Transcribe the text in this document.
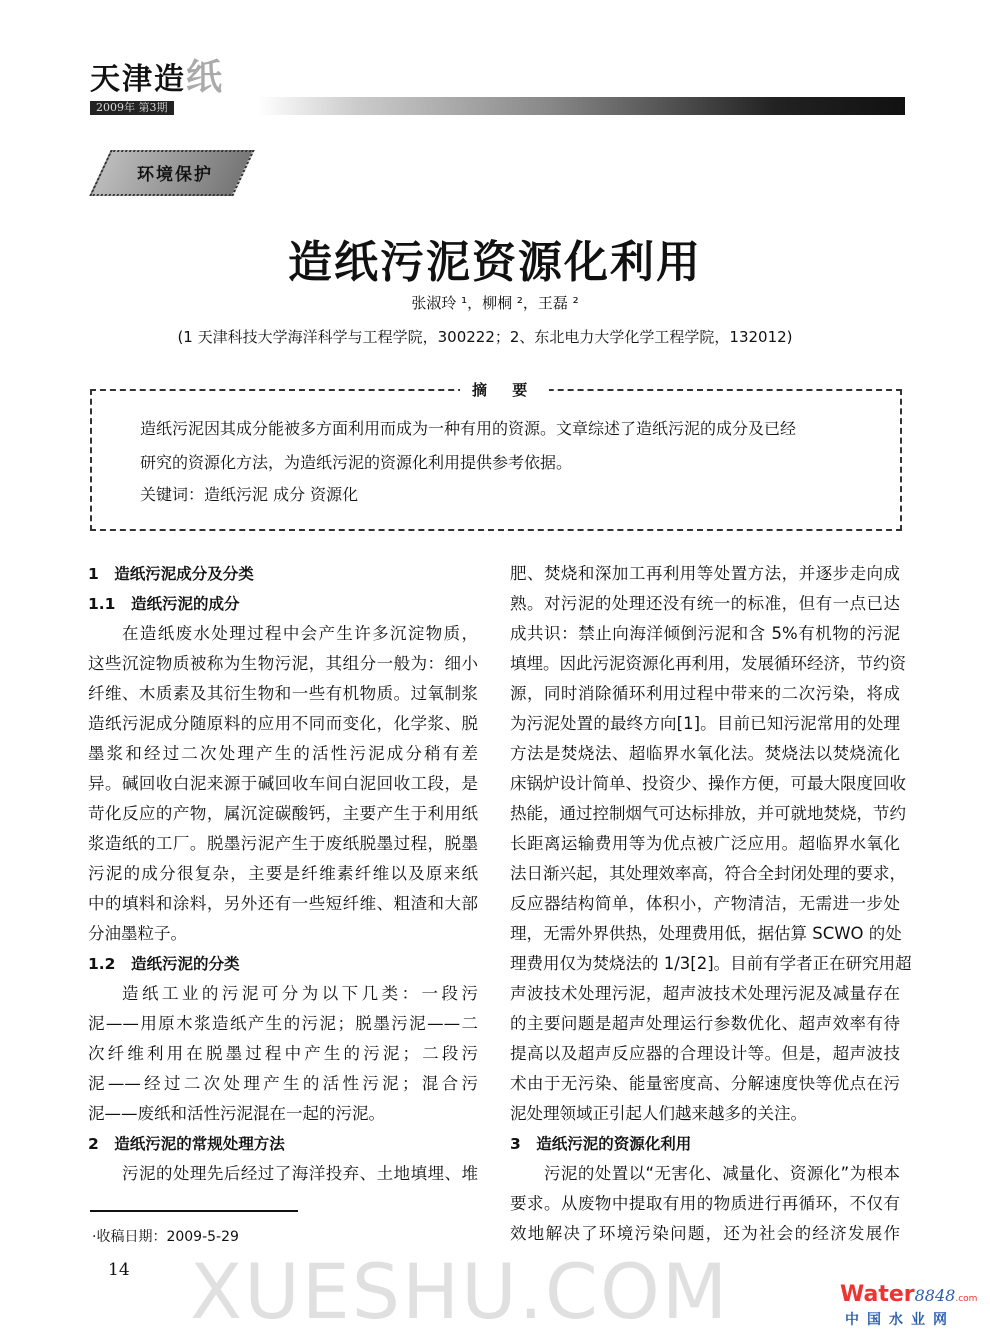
XUESHU.COM
天津造纸
2009年 第3期
环境保护
造纸污泥资源化利用
张淑玲 ¹，柳桐 ²，王磊 ²
(1 天津科技大学海洋科学与工程学院，300222；2、东北电力大学化学工程学院，132012)
摘 要
造纸污泥因其成分能被多方面利用而成为一种有用的资源。文章综述了造纸污泥的成分及已经
研究的资源化方法，为造纸污泥的资源化利用提供参考依据。
关键词：造纸污泥 成分 资源化
1　造纸污泥成分及分类
1.1　造纸污泥的成分
在造纸废水处理过程中会产生许多沉淀物质，
这些沉淀物质被称为生物污泥，其组分一般为：细小
纤维、木质素及其衍生物和一些有机物质。过氧制浆
造纸污泥成分随原料的应用不同而变化，化学浆、脱
墨浆和经过二次处理产生的活性污泥成分稍有差
异。碱回收白泥来源于碱回收车间白泥回收工段，是
苛化反应的产物，属沉淀碳酸钙，主要产生于利用纸
浆造纸的工厂。脱墨污泥产生于废纸脱墨过程，脱墨
污泥的成分很复杂，主要是纤维素纤维以及原来纸
中的填料和涂料，另外还有一些短纤维、粗渣和大部
分油墨粒子。
1.2　造纸污泥的分类
造纸工业的污泥可分为以下几类：一段污
泥——用原木浆造纸产生的污泥；脱墨污泥——二
次纤维利用在脱墨过程中产生的污泥；二段污
泥——经过二次处理产生的活性污泥；混合污
泥——废纸和活性污泥混在一起的污泥。
2　造纸污泥的常规处理方法
污泥的处理先后经过了海洋投弃、土地填埋、堆
肥、焚烧和深加工再利用等处置方法，并逐步走向成
熟。对污泥的处理还没有统一的标准，但有一点已达
成共识：禁止向海洋倾倒污泥和含 5%有机物的污泥
填埋。因此污泥资源化再利用，发展循环经济，节约资
源，同时消除循环利用过程中带来的二次污染，将成
为污泥处置的最终方向[1]。目前已知污泥常用的处理
方法是焚烧法、超临界水氧化法。焚烧法以焚烧流化
床锅炉设计简单、投资少、操作方便，可最大限度回收
热能，通过控制烟气可达标排放，并可就地焚烧，节约
长距离运输费用等为优点被广泛应用。超临界水氧化
法日渐兴起，其处理效率高，符合全封闭处理的要求，
反应器结构简单，体积小，产物清洁，无需进一步处
理，无需外界供热，处理费用低，据估算 SCWO 的处
理费用仅为焚烧法的 1/3[2]。目前有学者正在研究用超
声波技术处理污泥，超声波技术处理污泥及减量存在
的主要问题是超声处理运行参数优化、超声效率有待
提高以及超声反应器的合理设计等。但是，超声波技
术由于无污染、能量密度高、分解速度快等优点在污
泥处理领域正引起人们越来越多的关注。
3　造纸污泥的资源化利用
污泥的处置以“无害化、减量化、资源化”为根本
要求。从废物中提取有用的物质进行再循环，不仅有
效地解决了环境污染问题，还为社会的经济发展作
·收稿日期：2009-5-29
14
Water8848.com
中国水业网
